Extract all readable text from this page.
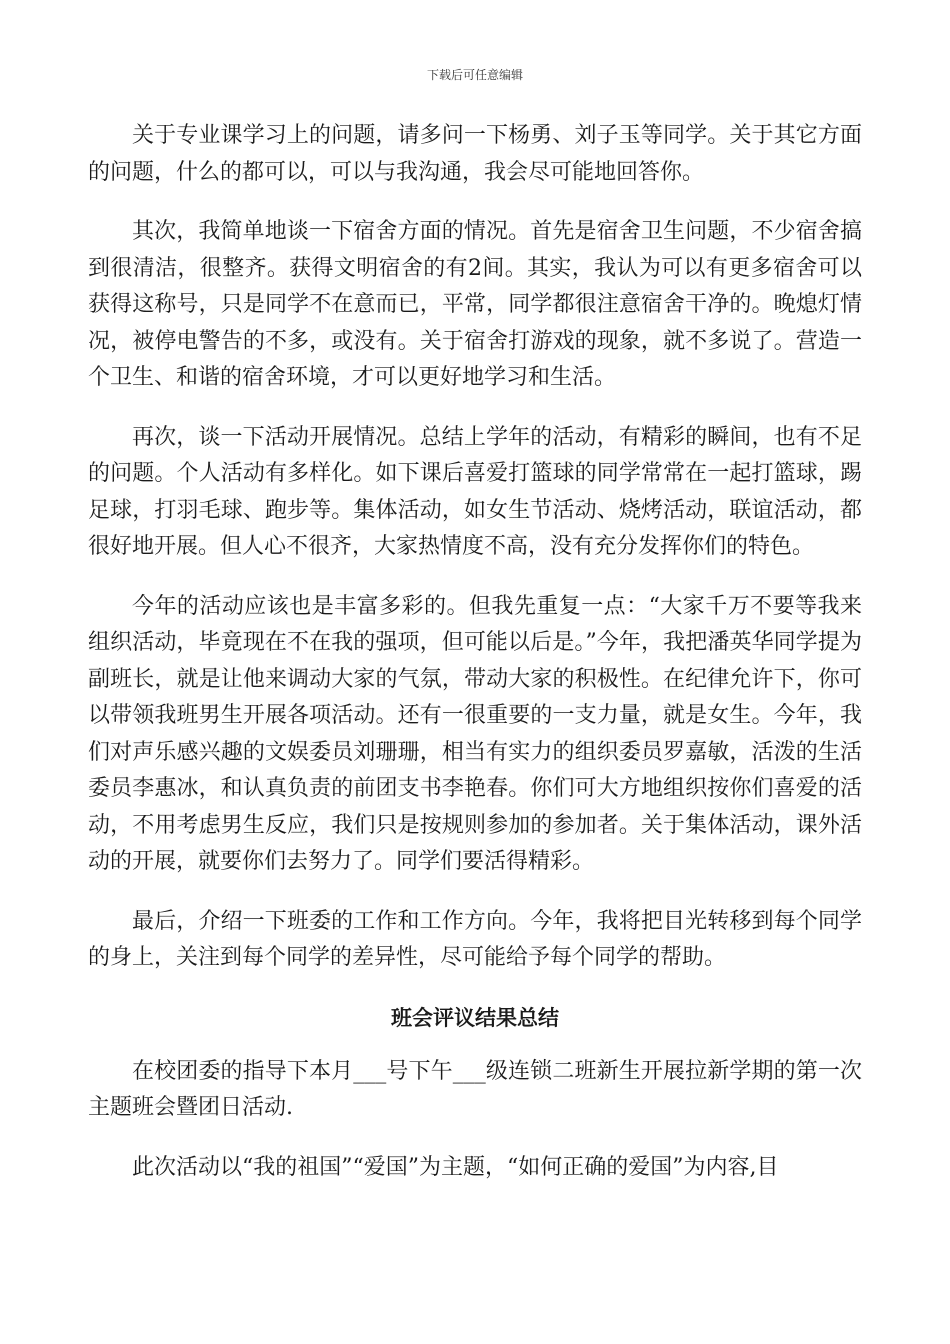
下载后可任意编辑

关于专业课学习上的问题，请多问一下杨勇、刘子玉等同学。关于其它方面的问题，什么的都可以，可以与我沟通，我会尽可能地回答你。

其次，我简单地谈一下宿舍方面的情况。首先是宿舍卫生问题，不少宿舍搞到很清洁，很整齐。获得文明宿舍的有2间。其实，我认为可以有更多宿舍可以获得这称号，只是同学不在意而已，平常，同学都很注意宿舍干净的。晚熄灯情况，被停电警告的不多，或没有。关于宿舍打游戏的现象，就不多说了。营造一个卫生、和谐的宿舍环境，才可以更好地学习和生活。

再次，谈一下活动开展情况。总结上学年的活动，有精彩的瞬间，也有不足的问题。个人活动有多样化。如下课后喜爱打篮球的同学常常在一起打篮球，踢足球，打羽毛球、跑步等。集体活动，如女生节活动、烧烤活动，联谊活动，都很好地开展。但人心不很齐，大家热情度不高，没有充分发挥你们的特色。

今年的活动应该也是丰富多彩的。但我先重复一点：“大家千万不要等我来组织活动，毕竟现在不在我的强项，但可能以后是。”今年，我把潘英华同学提为副班长，就是让他来调动大家的气氛，带动大家的积极性。在纪律允许下，你可以带领我班男生开展各项活动。还有一很重要的一支力量，就是女生。今年，我们对声乐感兴趣的文娱委员刘珊珊，相当有实力的组织委员罗嘉敏，活泼的生活委员李惠冰，和认真负责的前团支书李艳春。你们可大方地组织按你们喜爱的活动，不用考虑男生反应，我们只是按规则参加的参加者。关于集体活动，课外活动的开展，就要你们去努力了。同学们要活得精彩。

最后，介绍一下班委的工作和工作方向。今年，我将把目光转移到每个同学的身上，关注到每个同学的差异性，尽可能给予每个同学的帮助。

班会评议结果总结

在校团委的指导下本月___号下午___级连锁二班新生开展拉新学期的第一次主题班会暨团日活动.

此次活动以“我的祖国”“爱国”为主题，“如何正确的爱国”为内容,目
